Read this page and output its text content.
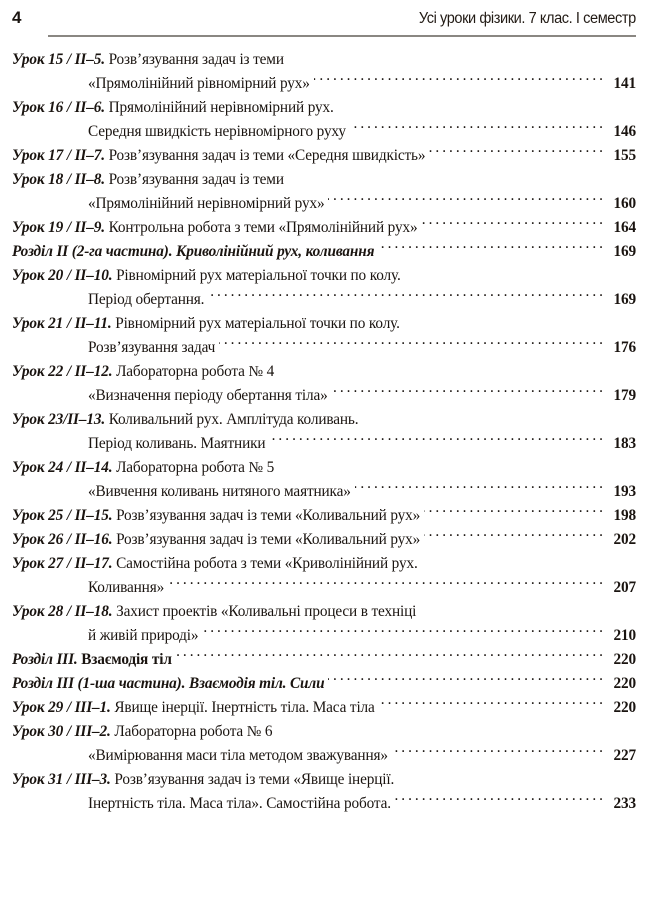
4	Усі уроки фізики. 7 клас. І семестр
Урок 15 / II–5. Розв’язування задач із теми
«Прямолінійний рівномірний рух» .....	141
Урок 16 / II–6. Прямолінійний нерівномірний рух.
Середня швидкість нерівномірного руху .....	146
Урок 17 / II–7. Розв’язування задач із теми «Середня швидкість» .....	155
Урок 18 / II–8. Розв’язування задач із теми
«Прямолінійний нерівномірний рух» .....	160
Урок 19 / II–9. Контрольна робота з теми «Прямолінійний рух» .....	164
Розділ II (2-га частина). Криволінійний рух, коливання .....	169
Урок 20 / II–10. Рівномірний рух матеріальної точки по колу.
Період обертання. .....	169
Урок 21 / II–11. Рівномірний рух матеріальної точки по колу.
Розв’язування задач .....	176
Урок 22 / II–12. Лабораторна робота № 4
«Визначення періоду обертання тіла» .....	179
Урок 23/II–13. Коливальний рух. Амплітуда коливань.
Період коливань. Маятники .....	183
Урок 24 / II–14. Лабораторна робота № 5
«Вивчення коливань нитяного маятника» .....	193
Урок 25 / II–15. Розв’язування задач із теми «Коливальний рух» .....	198
Урок 26 / II–16. Розв’язування задач із теми «Коливальний рух» .....	202
Урок 27 / II–17. Самостійна робота з теми «Криволінійний рух.
Коливання» .....	207
Урок 28 / II–18. Захист проектів «Коливальні процеси в техніці
й живій природі» .....	210
Розділ III. Взаємодія тіл .....	220
Розділ III (1-ша частина). Взаємодія тіл. Сили .....	220
Урок 29 / III–1. Явище інерції. Інертність тіла. Маса тіла .....	220
Урок 30 / III–2. Лабораторна робота № 6
«Вимірювання маси тіла методом зважування» .....	227
Урок 31 / III–3. Розв’язування задач із теми «Явище інерції.
Інертність тіла. Маса тіла». Самостійна робота. .....	233
